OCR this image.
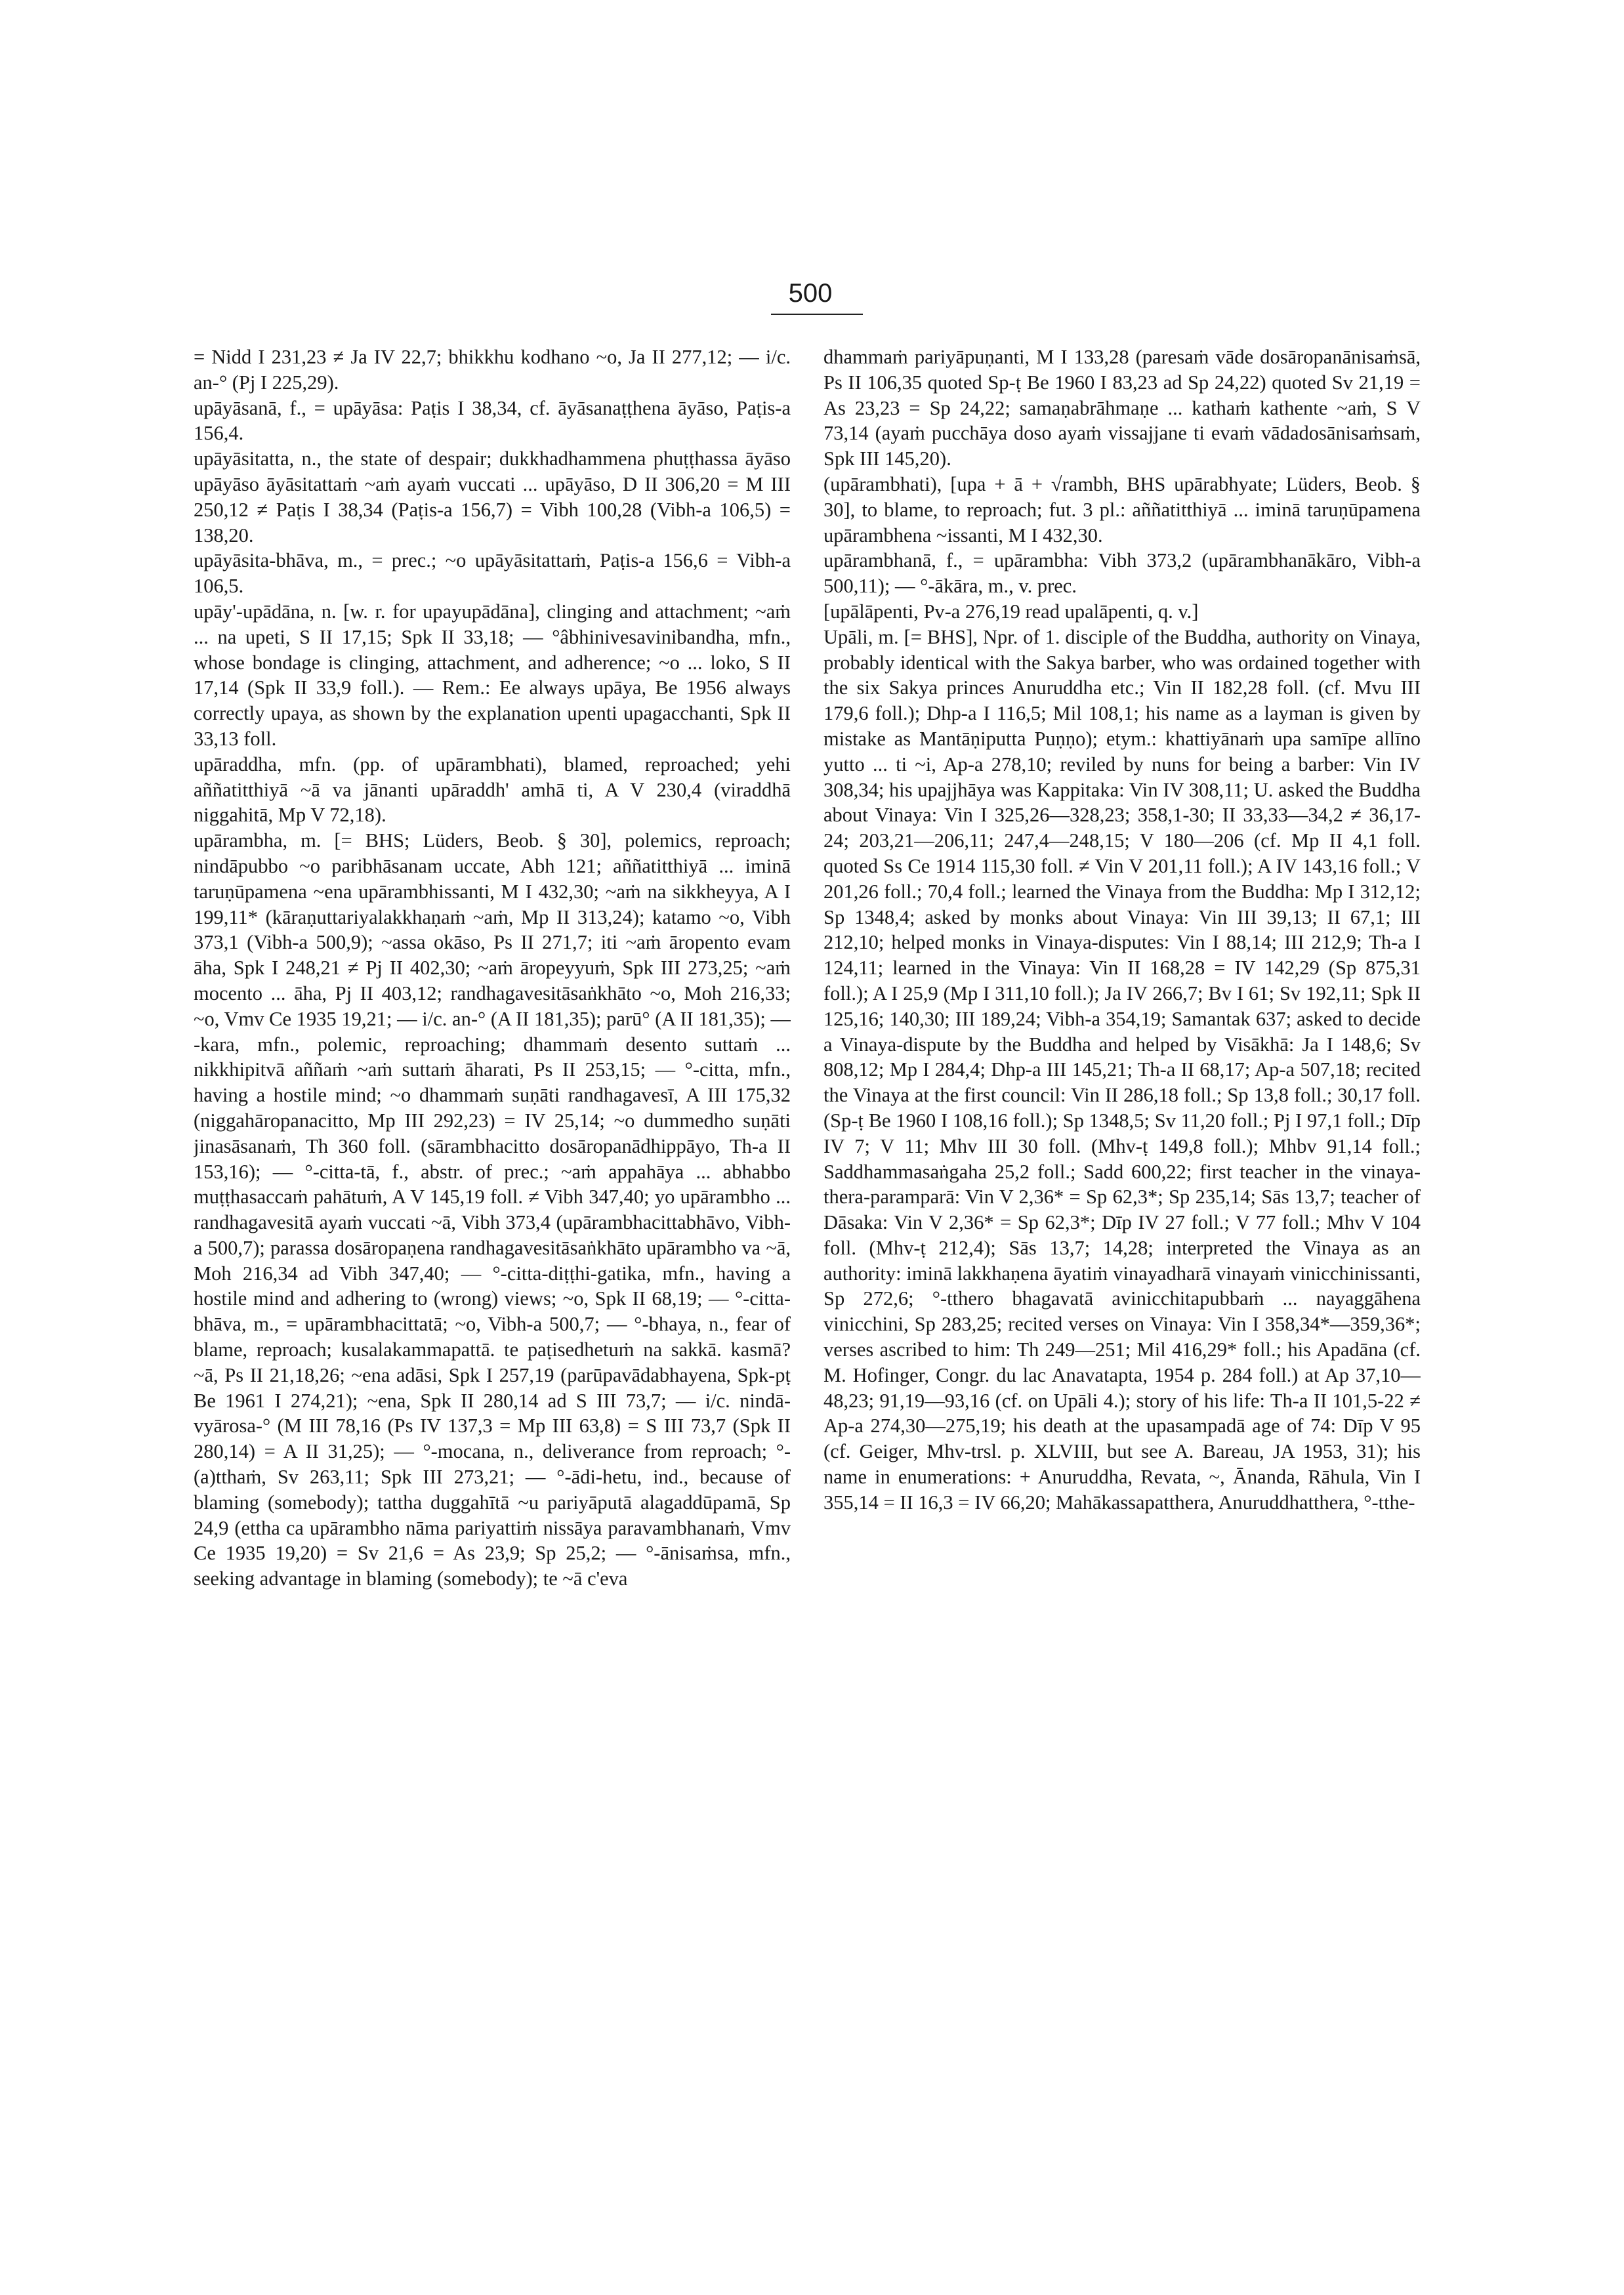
500

= Nidd I 231,23 ≠ Ja IV 22,7; bhikkhu kodhano ~o, Ja II 277,12; — i/c. an-° (Pj I 225,29).

upāyāsanā, f., = upāyāsa: Paṭis I 38,34, cf. āyāsanaṭṭhena āyāso, Paṭis-a 156,4.

upāyāsitatta, n., the state of despair; dukkhadhammena phuṭṭhassa āyāso upāyāso āyāsitattaṁ ~aṁ ayaṁ vuccati ... upāyāso, D II 306,20 = M III 250,12 ≠ Paṭis I 38,34 (Paṭis-a 156,7) = Vibh 100,28 (Vibh-a 106,5) = 138,20.

upāyāsita-bhāva, m., = prec.; ~o upāyāsitattaṁ, Paṭis-a 156,6 = Vibh-a 106,5.

upāy'-upādāna, n. [w. r. for upayupādāna], clinging and attachment; ~aṁ ... na upeti, S II 17,15; Spk II 33,18; — °âbhinivesavinibandha, mfn., whose bondage is clinging, attachment, and adherence; ~o ... loko, S II 17,14 (Spk II 33,9 foll.). — Rem.: Ee always upāya, Be 1956 always correctly upaya, as shown by the explanation upenti upagacchanti, Spk II 33,13 foll.

upāraddha, mfn. (pp. of upārambhati), blamed, reproached; yehi aññatitthiyā ~ā va jānanti upāraddh' amhā ti, A V 230,4 (viraddhā niggahitā, Mp V 72,18).

upārambha, m. [= BHS; Lüders, Beob. § 30], polemics, reproach; nindāpubbo ~o paribhāsanam uccate, Abh 121; aññatitthiyā ... iminā taruṇūpamena ~ena upārambhissanti, M I 432,30; ~aṁ na sikkheyya, A I 199,11* (kāraṇuttariyalakkhaṇaṁ ~aṁ, Mp II 313,24); katamo ~o, Vibh 373,1 (Vibh-a 500,9); ~assa okāso, Ps II 271,7; iti ~aṁ āropento evam āha, Spk I 248,21 ≠ Pj II 402,30; ~aṁ āropeyyuṁ, Spk III 273,25; ~aṁ mocento ... āha, Pj II 403,12; randhagavesitāsaṅkhāto ~o, Moh 216,33; ~o, Vmv Ce 1935 19,21; — i/c. an-° (A II 181,35); parū° (A II 181,35); — -kara, mfn., polemic, reproaching; dhammaṁ desento suttaṁ ... nikkhipitvā aññaṁ ~aṁ suttaṁ āharati, Ps II 253,15; — °-citta, mfn., having a hostile mind; ~o dhammaṁ suṇāti randhagavesī, A III 175,32 (niggahāropanacitto, Mp III 292,23) = IV 25,14; ~o dummedho suṇāti jinasāsanaṁ, Th 360 foll. (sārambhacitto dosāropanādhippāyo, Th-a II 153,16); — °-citta-tā, f., abstr. of prec.; ~aṁ appahāya ... abhabbo muṭṭhasaccaṁ pahātuṁ, A V 145,19 foll. ≠ Vibh 347,40; yo upārambho ... randhagavesitā ayaṁ vuccati ~ā, Vibh 373,4 (upārambhacittabhāvo, Vibh-a 500,7); parassa dosāropaṇena randhagavesitāsaṅkhāto upārambho va ~ā, Moh 216,34 ad Vibh 347,40; — °-citta-diṭṭhi-gatika, mfn., having a hostile mind and adhering to (wrong) views; ~o, Spk II 68,19; — °-citta-bhāva, m., = upārambhacittatā; ~o, Vibh-a 500,7; — °-bhaya, n., fear of blame, reproach; kusalakammapattā. te paṭisedhetuṁ na sakkā. kasmā? ~ā, Ps II 21,18,26; ~ena adāsi, Spk I 257,19 (parūpavādabhayena, Spk-pṭ Be 1961 I 274,21); ~ena, Spk II 280,14 ad S III 73,7; — i/c. nindā-vyārosa-° (M III 78,16 (Ps IV 137,3 = Mp III 63,8) = S III 73,7 (Spk II 280,14) = A II 31,25); — °-mocana, n., deliverance from reproach; °-(a)tthaṁ, Sv 263,11; Spk III 273,21; — °-ādi-hetu, ind., because of blaming (somebody); tattha duggahītā ~u pariyāputā alagaddūpamā, Sp 24,9 (ettha ca upārambho nāma pariyattiṁ nissāya paravambhanaṁ, Vmv Ce 1935 19,20) = Sv 21,6 = As 23,9; Sp 25,2; — °-ānisaṁsa, mfn., seeking advantage in blaming (somebody); te ~ā c'eva

dhammaṁ pariyāpuṇanti, M I 133,28 (paresaṁ vāde dosāropanānisaṁsā, Ps II 106,35 quoted Sp-ṭ Be 1960 I 83,23 ad Sp 24,22) quoted Sv 21,19 = As 23,23 = Sp 24,22; samaṇabrāhmaṇe ... kathaṁ kathente ~aṁ, S V 73,14 (ayaṁ pucchāya doso ayaṁ vissajjane ti evaṁ vādadosānisaṁsaṁ, Spk III 145,20).

(upārambhati), [upa + ā + √rambh, BHS upārabhyate; Lüders, Beob. § 30], to blame, to reproach; fut. 3 pl.: aññatitthiyā ... iminā taruṇūpamena upārambhena ~issanti, M I 432,30.

upārambhanā, f., = upārambha: Vibh 373,2 (upārambhanākāro, Vibh-a 500,11); — °-ākāra, m., v. prec.

[upālāpenti, Pv-a 276,19 read upalāpenti, q. v.]

Upāli, m. [= BHS], Npr. of 1. disciple of the Buddha, authority on Vinaya, probably identical with the Sakya barber, who was ordained together with the six Sakya princes Anuruddha etc.; Vin II 182,28 foll. (cf. Mvu III 179,6 foll.); Dhp-a I 116,5; Mil 108,1; his name as a layman is given by mistake as Mantāṇiputta Puṇṇo); etym.: khattiyānaṁ upa samīpe allīno yutto ... ti ~i, Ap-a 278,10; reviled by nuns for being a barber: Vin IV 308,34; his upajjhāya was Kappitaka: Vin IV 308,11; U. asked the Buddha about Vinaya: Vin I 325,26—328,23; 358,1-30; II 33,33—34,2 ≠ 36,17-24; 203,21—206,11; 247,4—248,15; V 180—206 (cf. Mp II 4,1 foll. quoted Ss Ce 1914 115,30 foll. ≠ Vin V 201,11 foll.); A IV 143,16 foll.; V 201,26 foll.; 70,4 foll.; learned the Vinaya from the Buddha: Mp I 312,12; Sp 1348,4; asked by monks about Vinaya: Vin III 39,13; II 67,1; III 212,10; helped monks in Vinaya-disputes: Vin I 88,14; III 212,9; Th-a I 124,11; learned in the Vinaya: Vin II 168,28 = IV 142,29 (Sp 875,31 foll.); A I 25,9 (Mp I 311,10 foll.); Ja IV 266,7; Bv I 61; Sv 192,11; Spk II 125,16; 140,30; III 189,24; Vibh-a 354,19; Samantak 637; asked to decide a Vinaya-dispute by the Buddha and helped by Visākhā: Ja I 148,6; Sv 808,12; Mp I 284,4; Dhp-a III 145,21; Th-a II 68,17; Ap-a 507,18; recited the Vinaya at the first council: Vin II 286,18 foll.; Sp 13,8 foll.; 30,17 foll. (Sp-ṭ Be 1960 I 108,16 foll.); Sp 1348,5; Sv 11,20 foll.; Pj I 97,1 foll.; Dīp IV 7; V 11; Mhv III 30 foll. (Mhv-ṭ 149,8 foll.); Mhbv 91,14 foll.; Saddhammasaṅgaha 25,2 foll.; Sadd 600,22; first teacher in the vinaya-thera-paramparā: Vin V 2,36* = Sp 62,3*; Sp 235,14; Sās 13,7; teacher of Dāsaka: Vin V 2,36* = Sp 62,3*; Dīp IV 27 foll.; V 77 foll.; Mhv V 104 foll. (Mhv-ṭ 212,4); Sās 13,7; 14,28; interpreted the Vinaya as an authority: iminā lakkhaṇena āyatiṁ vinayadharā vinayaṁ vinicchinissanti, Sp 272,6; °-tthero bhagavatā avinicchitapubbaṁ ... nayaggāhena vinicchini, Sp 283,25; recited verses on Vinaya: Vin I 358,34*—359,36*; verses ascribed to him: Th 249—251; Mil 416,29* foll.; his Apadāna (cf. M. Hofinger, Congr. du lac Anavatapta, 1954 p. 284 foll.) at Ap 37,10—48,23; 91,19—93,16 (cf. on Upāli 4.); story of his life: Th-a II 101,5-22 ≠ Ap-a 274,30—275,19; his death at the upasampadā age of 74: Dīp V 95 (cf. Geiger, Mhv-trsl. p. XLVIII, but see A. Bareau, JA 1953, 31); his name in enumerations: + Anuruddha, Revata, ~, Ānanda, Rāhula, Vin I 355,14 = II 16,3 = IV 66,20; Mahākassapatthera, Anuruddhatthera, °-tthe-
